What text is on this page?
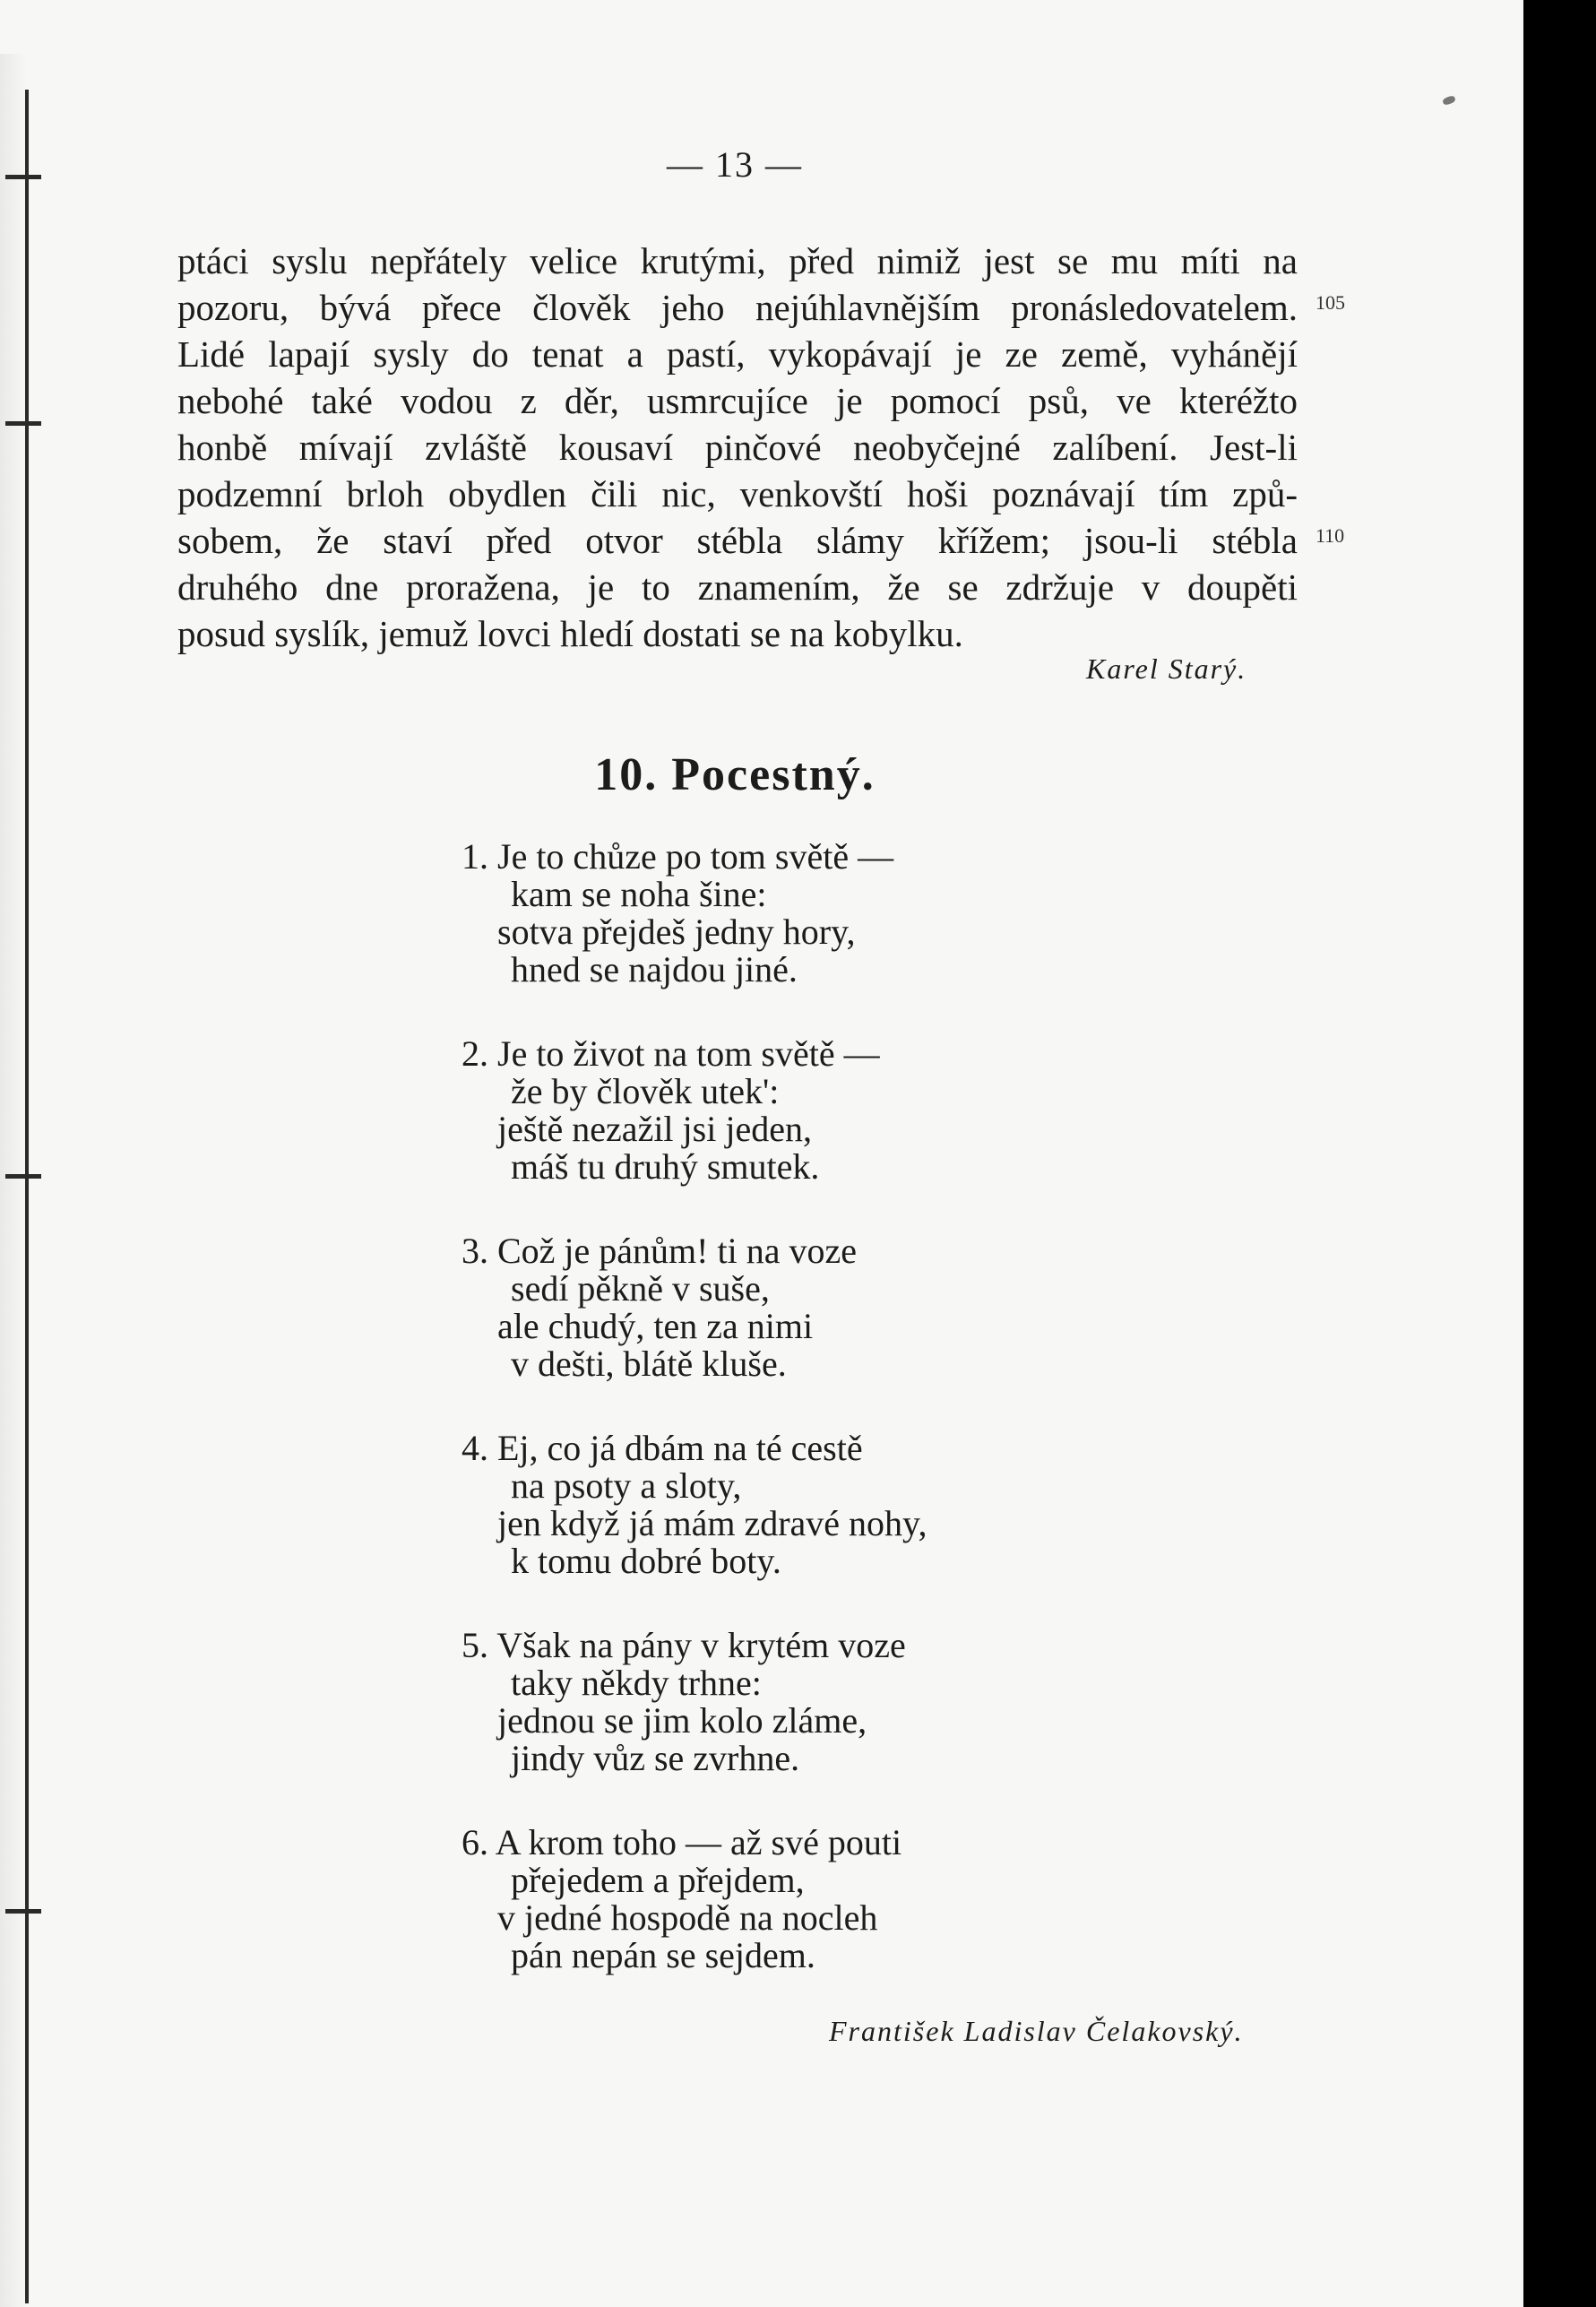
— 13 —
ptáci syslu nepřátely velice krutými, před nimiž jest se mu míti na
pozoru, bývá přece člověk jeho nejúhlavnějším pronásledovatelem.
Lidé lapají sysly do tenat a pastí, vykopávají je ze země, vyhánějí
nebohé také vodou z děr, usmrcujíce je pomocí psů, ve kteréžto
honbě mívají zvláště kousaví pinčové neobyčejné zalíbení. Jest-li
podzemní brloh obydlen čili nic, venkovští hoši poznávají tím způ-
sobem, že staví před otvor stébla slámy křížem; jsou-li stébla
druhého dne proražena, je to znamením, že se zdržuje v doupěti
posud syslík, jemuž lovci hledí dostati se na kobylku.
105
110
Karel Starý.
10. Pocestný.
1. Je to chůze po tom světě —
kam se noha šine:
sotva přejdeš jedny hory,
hned se najdou jiné.
2. Je to život na tom světě —
že by člověk utek':
ještě nezažil jsi jeden,
máš tu druhý smutek.
3. Což je pánům! ti na voze
sedí pěkně v suše,
ale chudý, ten za nimi
v dešti, blátě kluše.
4. Ej, co já dbám na té cestě
na psoty a sloty,
jen když já mám zdravé nohy,
k tomu dobré boty.
5. Však na pány v krytém voze
taky někdy trhne:
jednou se jim kolo zláme,
jindy vůz se zvrhne.
6. A krom toho — až své pouti
přejedem a přejdem,
v jedné hospodě na nocleh
pán nepán se sejdem.
František Ladislav Čelakovský.
